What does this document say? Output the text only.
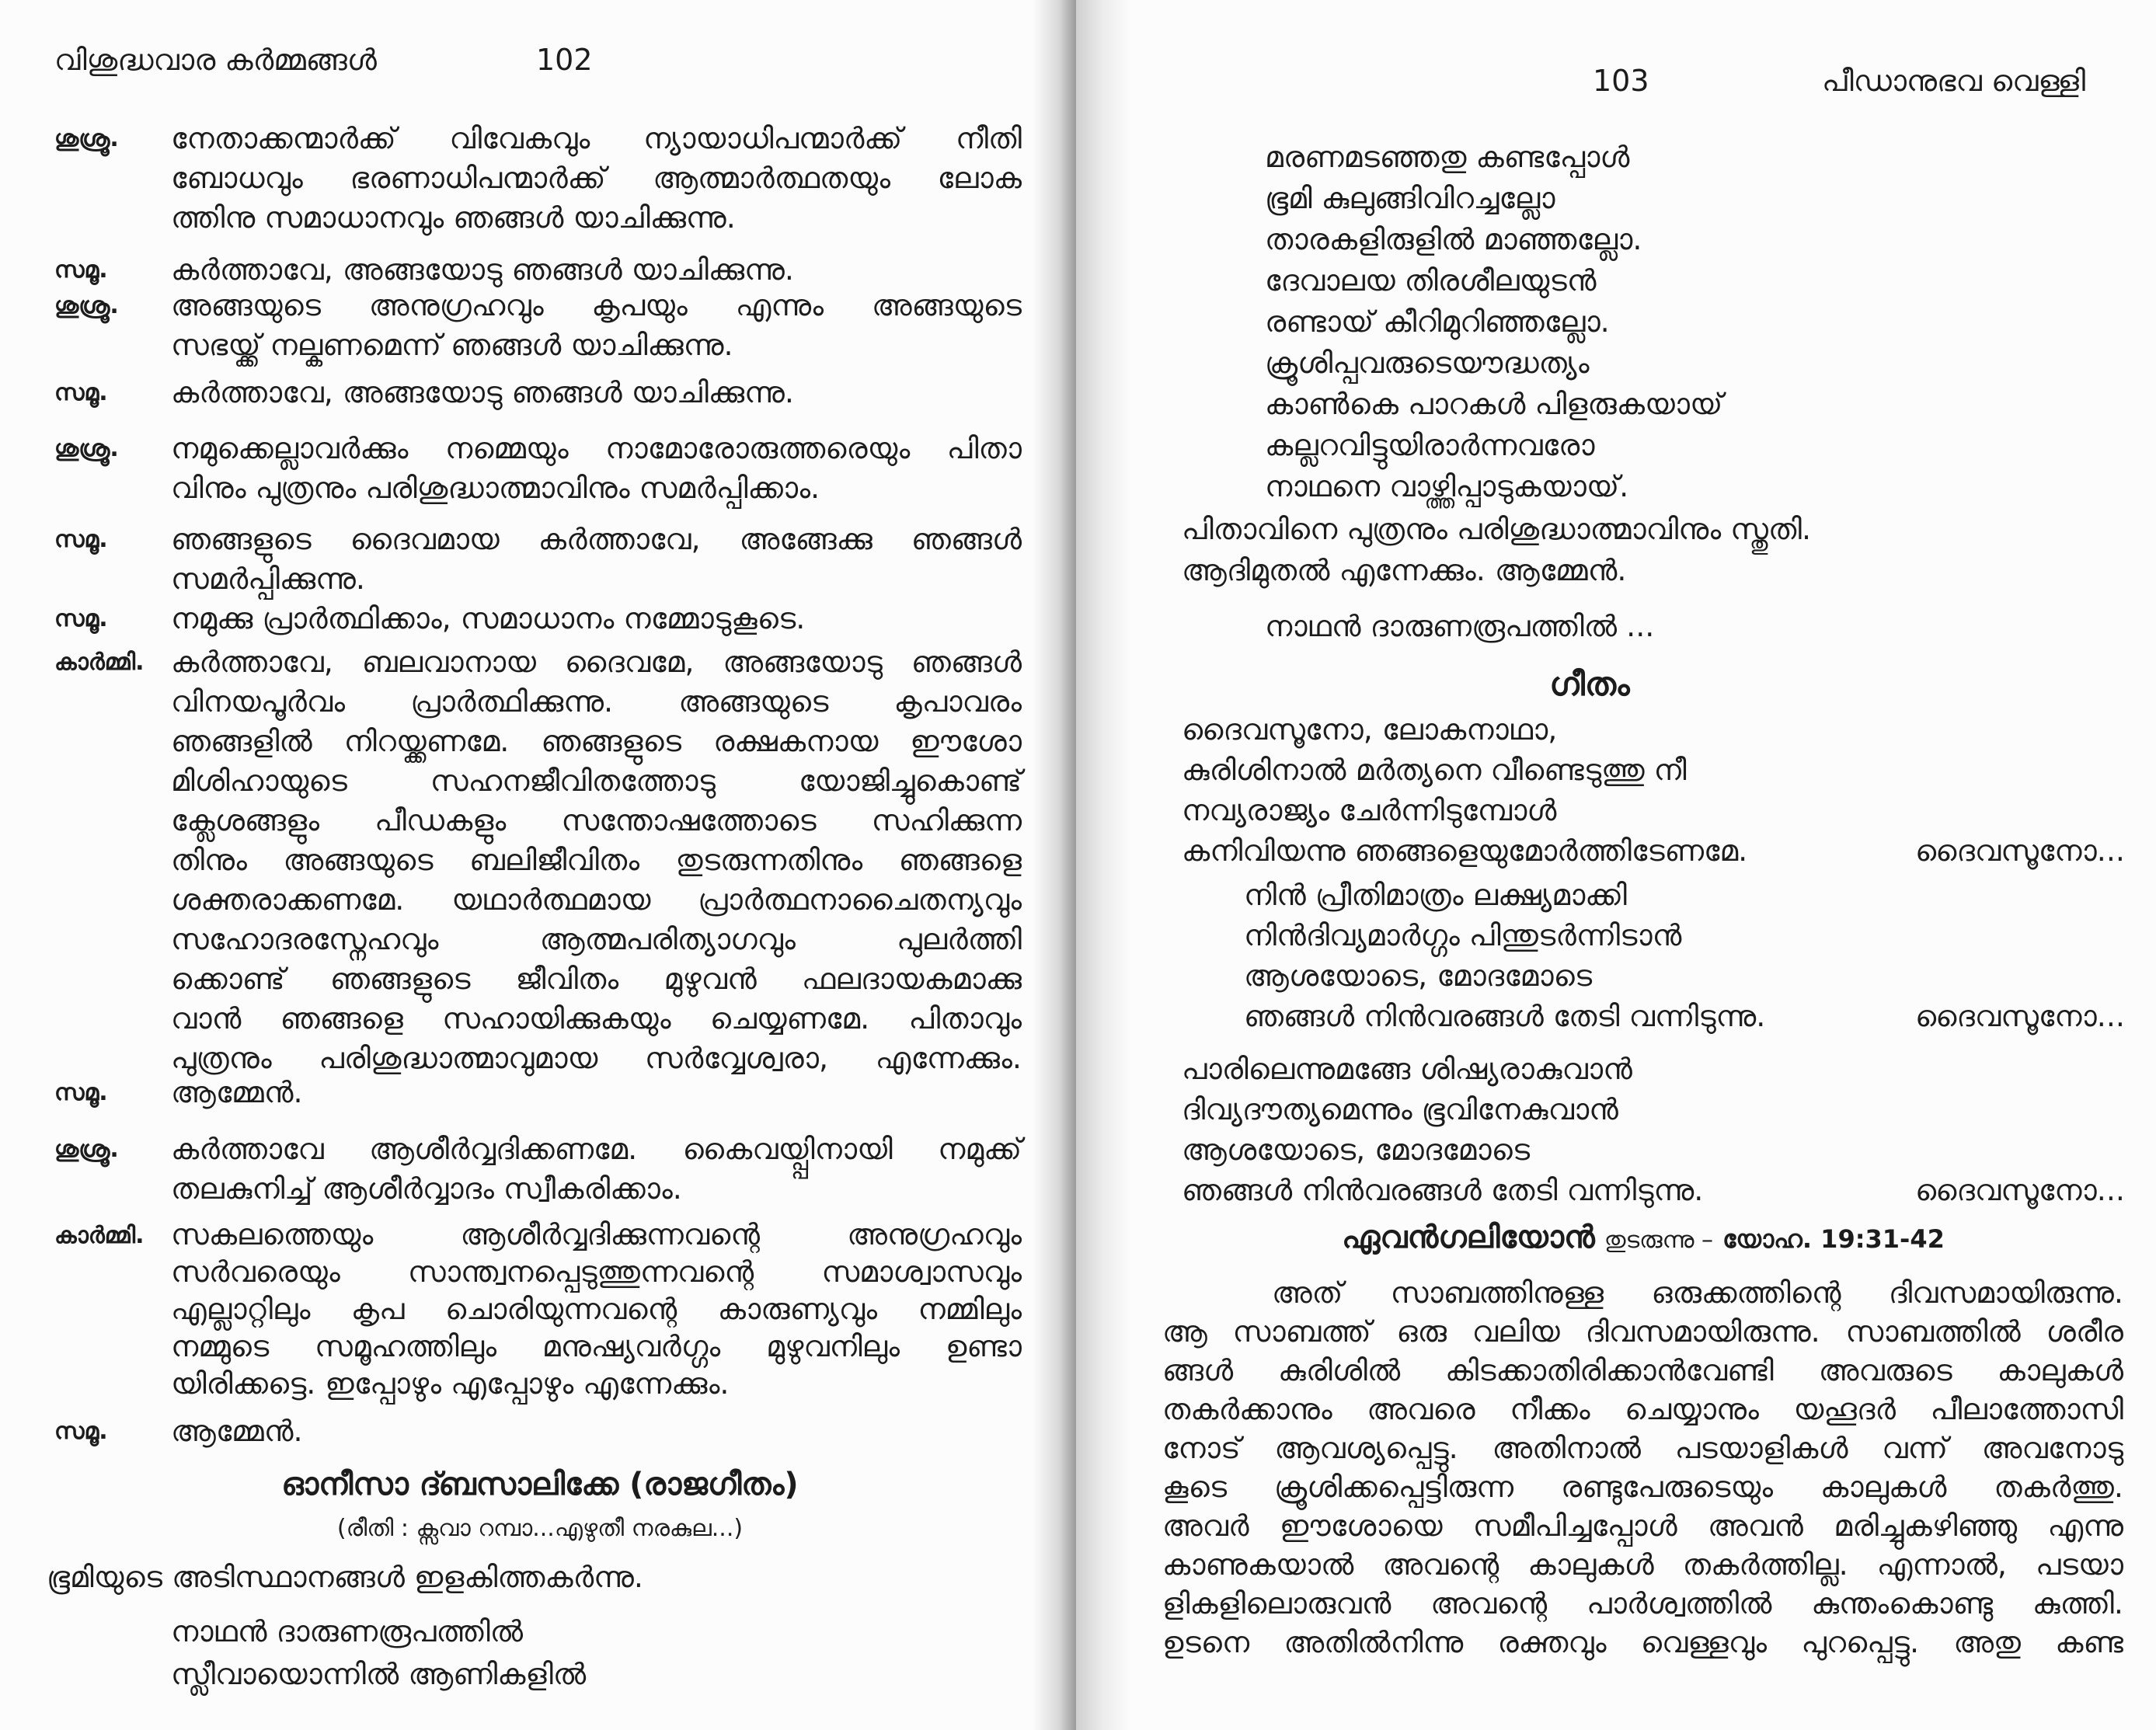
വിശുദ്ധവാര കർമ്മങ്ങൾ	102
ശുശ്രൂ. നേതാക്കന്മാർക്ക് വിവേകവും ന്യായാധിപന്മാർക്ക് നീതി
ബോധവും ഭരണാധിപന്മാർക്ക് ആത്മാർത്ഥതയും ലോക
ത്തിനു സമാധാനവും ഞങ്ങൾ യാചിക്കുന്നു.
സമൂ. കർത്താവേ, അങ്ങയോടു ഞങ്ങൾ യാചിക്കുന്നു.
ശുശ്രൂ. അങ്ങയുടെ അനുഗ്രഹവും കൃപയും എന്നും അങ്ങയുടെ
സഭയ്ക്ക് നല്കണമെന്ന് ഞങ്ങൾ യാചിക്കുന്നു.
സമൂ. കർത്താവേ, അങ്ങയോടു ഞങ്ങൾ യാചിക്കുന്നു.
ശുശ്രൂ. നമുക്കെല്ലാവർക്കും നമ്മെയും നാമോരോരുത്തരെയും പിതാ
വിനും പുത്രനും പരിശുദ്ധാത്മാവിനും സമർപ്പിക്കാം.
സമൂ. ഞങ്ങളുടെ ദൈവമായ കർത്താവേ, അങ്ങേക്കു ഞങ്ങൾ
സമർപ്പിക്കുന്നു.
സമൂ. നമുക്കു പ്രാർത്ഥിക്കാം, സമാധാനം നമ്മോടുകൂടെ.
കാർമ്മി. കർത്താവേ, ബലവാനായ ദൈവമേ, അങ്ങയോടു ഞങ്ങൾ
വിനയപൂർവം പ്രാർത്ഥിക്കുന്നു. അങ്ങയുടെ കൃപാവരം
ഞങ്ങളിൽ നിറയ്ക്കണമേ. ഞങ്ങളുടെ രക്ഷകനായ ഈശോ
മിശിഹായുടെ സഹനജീവിതത്തോടു യോജിച്ചുകൊണ്ട്
ക്ലേശങ്ങളും പീഡകളും സന്തോഷത്തോടെ സഹിക്കുന്ന
തിനും അങ്ങയുടെ ബലിജീവിതം തുടരുന്നതിനും ഞങ്ങളെ
ശക്തരാക്കണമേ. യഥാർത്ഥമായ പ്രാർത്ഥനാചൈതന്യവും
സഹോദരസ്നേഹവും ആത്മപരിത്യാഗവും പുലർത്തി
ക്കൊണ്ട് ഞങ്ങളുടെ ജീവിതം മുഴുവൻ ഫലദായകമാക്കു
വാൻ ഞങ്ങളെ സഹായിക്കുകയും ചെയ്യണമേ. പിതാവും
പുത്രനും പരിശുദ്ധാത്മാവുമായ സർവ്വേശ്വരാ, എന്നേക്കും.
സമൂ. ആമ്മേൻ.
ശുശ്രൂ. കർത്താവേ ആശീർവ്വദിക്കണമേ. കൈവയ്പ്പിനായി നമുക്ക്
തലകുനിച്ച് ആശീർവ്വാദം സ്വീകരിക്കാം.
കാർമ്മി. സകലത്തെയും ആശീർവ്വദിക്കുന്നവന്റെ അനുഗ്രഹവും
സർവരെയും സാന്ത്വനപ്പെടുത്തുന്നവന്റെ സമാശ്വാസവും
എല്ലാറ്റിലും കൃപ ചൊരിയുന്നവന്റെ കാരുണ്യവും നമ്മിലും
നമ്മുടെ സമൂഹത്തിലും മനുഷ്യവർഗ്ഗം മുഴുവനിലും ഉണ്ടാ
യിരിക്കട്ടെ. ഇപ്പോഴും എപ്പോഴും എന്നേക്കും.
സമൂ. ആമ്മേൻ.
ഓനീസാ ദ്ബസാലിക്കേ (രാജഗീതം)
(രീതി : ക്സവാ റമ്പാ...എഴുതീ നരകുല...)
ഭൂമിയുടെ അടിസ്ഥാനങ്ങൾ ഇളകിത്തകർന്നു.
നാഥൻ ദാരുണരൂപത്തിൽ
സ്ലീവായൊന്നിൽ ആണികളിൽ
103	പീഡാനുഭവ വെള്ളി
മരണമടഞ്ഞതു കണ്ടപ്പോൾ
ഭൂമി കുലുങ്ങിവിറച്ചല്ലോ
താരകളിരുളിൽ മാഞ്ഞല്ലോ.
ദേവാലയ തിരശീലയുടൻ
രണ്ടായ് കീറിമുറിഞ്ഞല്ലോ.
ക്രൂശിപ്പവരുടെയൗദ്ധത്യം
കാൺകെ പാറകൾ പിളരുകയായ്
കല്ലറവിട്ടുയിരാർന്നവരോ
നാഥനെ വാഴ്ത്തിപ്പാടുകയായ്.
പിതാവിനെ പുത്രനും പരിശുദ്ധാത്മാവിനും സ്തുതി.
ആദിമുതൽ എന്നേക്കും. ആമ്മേൻ.
നാഥൻ ദാരുണരൂപത്തിൽ ...
ഗീതം
ദൈവസൂനോ, ലോകനാഥാ,
കുരിശിനാൽ മർത്യനെ വീണ്ടെടുത്തു നീ
നവ്യരാജ്യം ചേർന്നിടുമ്പോൾ
കനിവിയന്നു ഞങ്ങളെയുമോർത്തിടേണമേ.	ദൈവസൂനോ...
നിൻ പ്രീതിമാത്രം ലക്ഷ്യമാക്കി
നിൻദിവ്യമാർഗ്ഗം പിന്തുടർന്നിടാൻ
ആശയോടെ, മോദമോടെ
ഞങ്ങൾ നിൻവരങ്ങൾ തേടി വന്നിടുന്നു.	ദൈവസൂനോ...
പാരിലെന്നുമങ്ങേ ശിഷ്യരാകുവാൻ
ദിവ്യദൗത്യമെന്നും ഭൂവിനേകുവാൻ
ആശയോടെ, മോദമോടെ
ഞങ്ങൾ നിൻവരങ്ങൾ തേടി വന്നിടുന്നു.	ദൈവസൂനോ...
ഏവൻഗലിയോൻ തുടരുന്നു – യോഹ. 19:31-42
അത് സാബത്തിനുള്ള ഒരുക്കത്തിന്റെ ദിവസമായിരുന്നു.
ആ സാബത്ത് ഒരു വലിയ ദിവസമായിരുന്നു. സാബത്തിൽ ശരീര
ങ്ങൾ കുരിശിൽ കിടക്കാതിരിക്കാൻവേണ്ടി അവരുടെ കാലുകൾ
തകർക്കാനും അവരെ നീക്കം ചെയ്യാനും യഹൂദർ പീലാത്തോസി
നോട് ആവശ്യപ്പെട്ടു. അതിനാൽ പടയാളികൾ വന്ന് അവനോടു
കൂടെ ക്രൂശിക്കപ്പെട്ടിരുന്ന രണ്ടുപേരുടെയും കാലുകൾ തകർത്തു.
അവർ ഈശോയെ സമീപിച്ചപ്പോൾ അവൻ മരിച്ചുകഴിഞ്ഞു എന്നു
കാണുകയാൽ അവന്റെ കാലുകൾ തകർത്തില്ല. എന്നാൽ, പടയാ
ളികളിലൊരുവൻ അവന്റെ പാർശ്വത്തിൽ കുന്തംകൊണ്ടു കുത്തി.
ഉടനെ അതിൽനിന്നു രക്തവും വെള്ളവും പുറപ്പെട്ടു. അതു കണ്ട
